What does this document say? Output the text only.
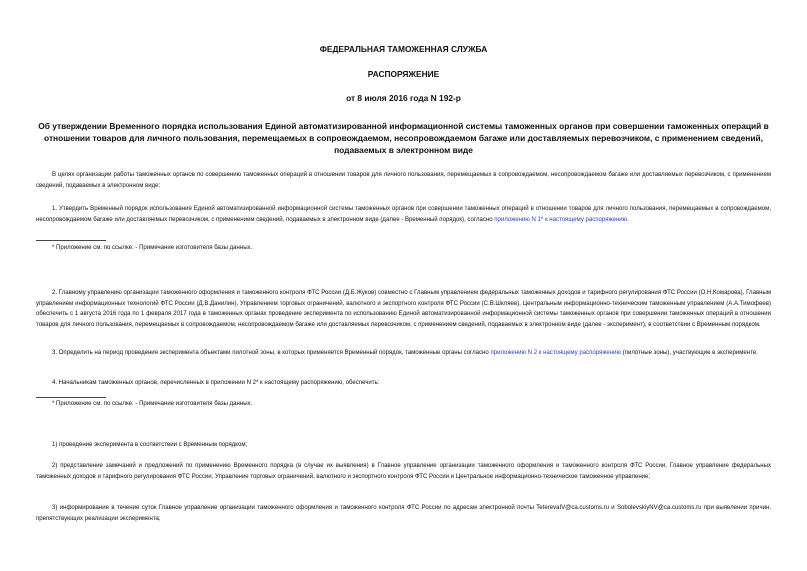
ФЕДЕРАЛЬНАЯ ТАМОЖЕННАЯ СЛУЖБА
РАСПОРЯЖЕНИЕ
от 8 июля 2016 года N 192-р
Об утверждении Временного порядка использования Единой автоматизированной информационной системы таможенных органов при совершении таможенных операций в отношении товаров для личного пользования, перемещаемых в сопровождаемом, несопровождаемом багаже или доставляемых перевозчиком, с применением сведений, подаваемых в электронном виде
В целях организации работы таможенных органов по совершению таможенных операций в отношении товаров для личного пользования, перемещаемых в сопровождаемом, несопровождаемом багаже или доставляемых перевозчиком, с применением сведений, подаваемых в электронном виде:
1. Утвердить Временный порядок использования Единой автоматизированной информационной системы таможенных органов при совершении таможенных операций в отношении товаров для личного пользования, перемещаемых в сопровождаемом, несопровождаемом багаже или доставляемых перевозчиком, с применением сведений, подаваемых в электронном виде (далее - Временный порядок), согласно приложению N 1* к настоящему распоряжению.
* Приложение см. по ссылке. - Примечание изготовителя базы данных.
2. Главному управлению организации таможенного оформления и таможенного контроля ФТС России (Д.Б.Жуков) совместно с Главным управлением федеральных таможенных доходов и тарифного регулирования ФТС России (О.Н.Комарова), Главным управлением информационных технологий ФТС России (Д.В.Данилин), Управлением торговых ограничений, валютного и экспортного контроля ФТС России (С.В.Шкляев), Центральным информационно-техническим таможенным управлением (А.А.Тимофеев) обеспечить с 1 августа 2016 года по 1 февраля 2017 года в таможенных органах проведение эксперимента по использованию Единой автоматизированной информационной системы таможенных органов при совершении таможенных операций в отношении товаров для личного пользования, перемещаемых в сопровождаемом, несопровождаемом багаже или доставляемых перевозчиком, с применением сведений, подаваемых в электронном виде (далее - эксперимент), в соответствии с Временным порядком.
3. Определить на период проведения эксперимента объектами пилотной зоны, в которых применяется Временный порядок, таможенные органы согласно приложению N 2 к настоящему распоряжению (пилотные зоны), участвующие в эксперименте.
4. Начальникам таможенных органов, перечисленных в приложении N 2* к настоящему распоряжению, обеспечить:
* Приложение см. по ссылке. - Примечание изготовителя базы данных.
1) проведение эксперимента в соответствии с Временным порядком;
2) представление замечаний и предложений по применению Временного порядка (в случае их выявления) в Главное управление организации таможенного оформления и таможенного контроля ФТС России, Главное управление федеральных таможенных доходов и тарифного регулирования ФТС России, Управление торговых ограничений, валютного и экспортного контроля ФТС России и Центральное информационно-техническое таможенное управление;
3) информирование в течение суток Главное управление организации таможенного оформления и таможенного контроля ФТС России по адресам электронной почты TeterevaIV@ca.customs.ru и SobolevskiyNV@ca.customs.ru при выявлении причин, препятствующих реализации эксперимента;
